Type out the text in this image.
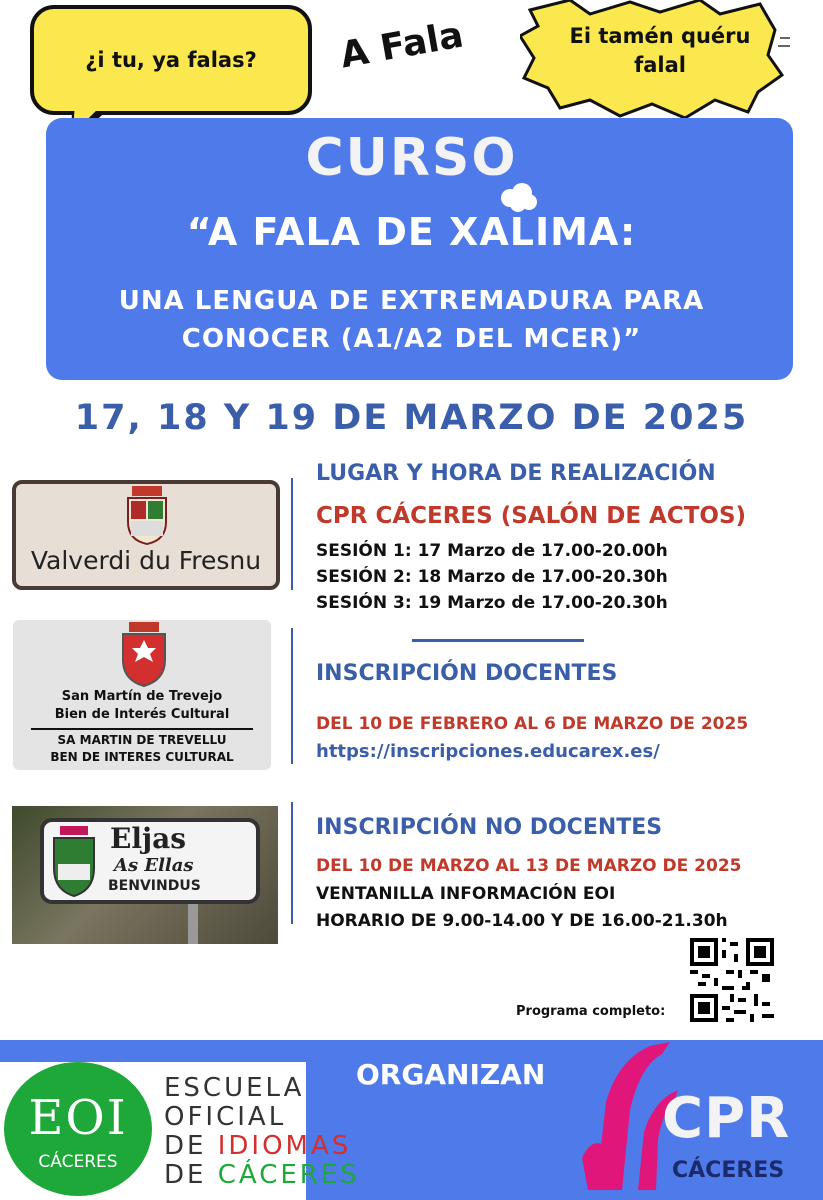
¿i tu, ya falas? A Fala	Ei tamén quéru
falal
CURSO
“A FALA DE XALIMA:
UNA LENGUA DE EXTREMADURA PARA
CONOCER (A1/A2 DEL MCER)”
17, 18 Y 19 DE MARZO DE 2025
Valverdi du Fresnu
LUGAR Y HORA DE REALIZACIÓN
CPR CÁCERES (SALÓN DE ACTOS)
SESIÓN 1: 17 Marzo de 17.00-20.00h
SESIÓN 2: 18 Marzo de 17.00-20.30h
SESIÓN 3: 19 Marzo de 17.00-20.30h
San Martín de Trevejo
Bien de Interés Cultural
SA MARTIN DE TREVELLU
BEN DE INTERES CULTURAL
INSCRIPCIÓN DOCENTES
DEL 10 DE FEBRERO AL 6 DE MARZO DE 2025
https://inscripciones.educarex.es/
Eljas
As Ellas
BENVINDUS
INSCRIPCIÓN NO DOCENTES
DEL 10 DE MARZO AL 13 DE MARZO DE 2025
VENTANILLA INFORMACIÓN EOI
HORARIO DE 9.00-14.00 Y DE 16.00-21.30h
Programa completo:
ORGANIZAN
EOI
CÁCERES
ESCUELA
OFICIAL
DE IDIOMAS
DE CÁCERES
CPR
CÁCERES
